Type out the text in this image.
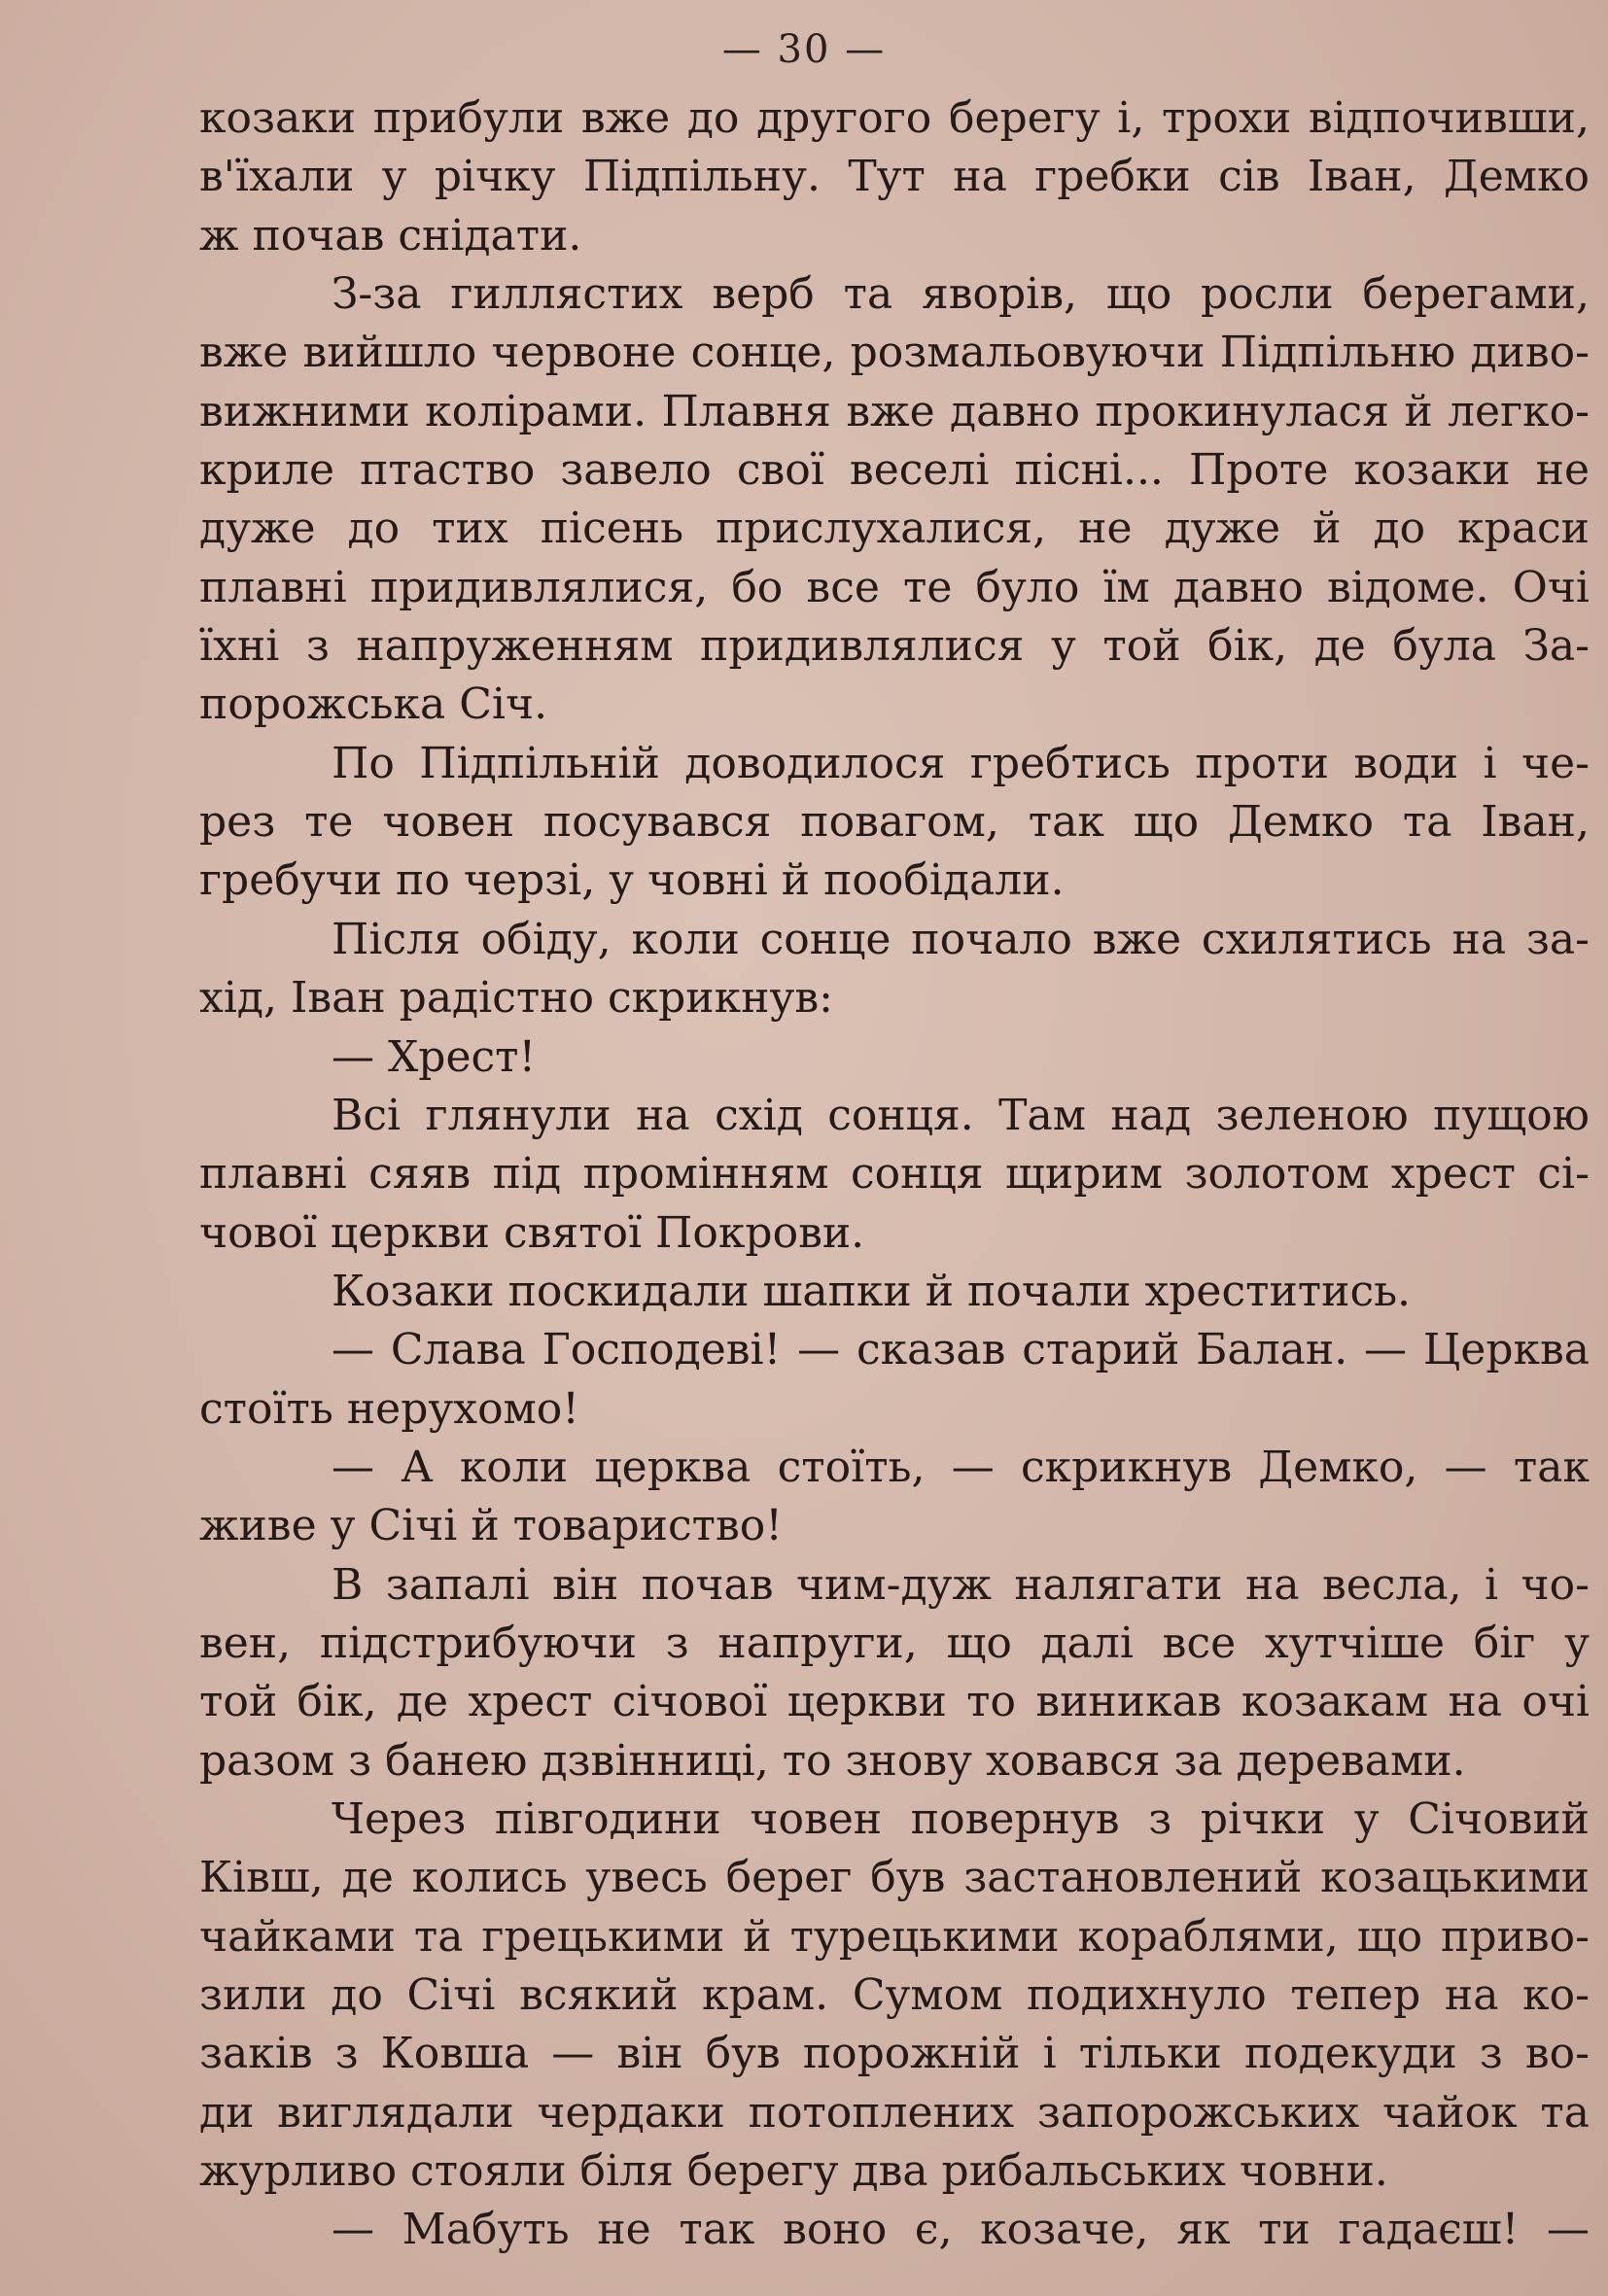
— 30 —
козаки прибули вже до другого берегу і, трохи відпочивши,
в'їхали у річку Підпільну. Тут на гребки сів Іван, Демко
ж почав снідати.
З-за гиллястих верб та яворів, що росли берегами,
вже вийшло червоне сонце, розмальовуючи Підпільню диво-
вижними колірами. Плавня вже давно прокинулася й легко-
криле птаство завело свої веселі пісні... Проте козаки не
дуже до тих пісень прислухалися, не дуже й до краси
плавні придивлялися, бо все те було їм давно відоме. Очі
їхні з напруженням придивлялися у той бік, де була За-
порожська Січ.
По Підпільній доводилося гребтись проти води і че-
рез те човен посувався повагом, так що Демко та Іван,
гребучи по черзі, у човні й пообідали.
Після обіду, коли сонце почало вже схилятись на за-
хід, Іван радістно скрикнув:
— Хрест!
Всі глянули на схід сонця. Там над зеленою пущою
плавні сяяв під промінням сонця щирим золотом хрест сі-
чової церкви святої Покрови.
Козаки поскидали шапки й почали хреститись.
— Слава Господеві! — сказав старий Балан. — Церква
стоїть нерухомо!
— А коли церква стоїть, — скрикнув Демко, — так
живе у Січі й товариство!
В запалі він почав чим-дуж налягати на весла, і чо-
вен, підстрибуючи з напруги, що далі все хутчіше біг у
той бік, де хрест січової церкви то виникав козакам на очі
разом з банею дзвінниці, то знову ховався за деревами.
Через півгодини човен повернув з річки у Січовий
Ківш, де колись увесь берег був застановлений козацькими
чайками та грецькими й турецькими кораблями, що приво-
зили до Січі всякий крам. Сумом подихнуло тепер на ко-
заків з Ковша — він був порожній і тільки подекуди з во-
ди виглядали чердаки потоплених запорожських чайок та
журливо стояли біля берегу два рибальських човни.
— Мабуть не так воно є, козаче, як ти гадаєш! —
